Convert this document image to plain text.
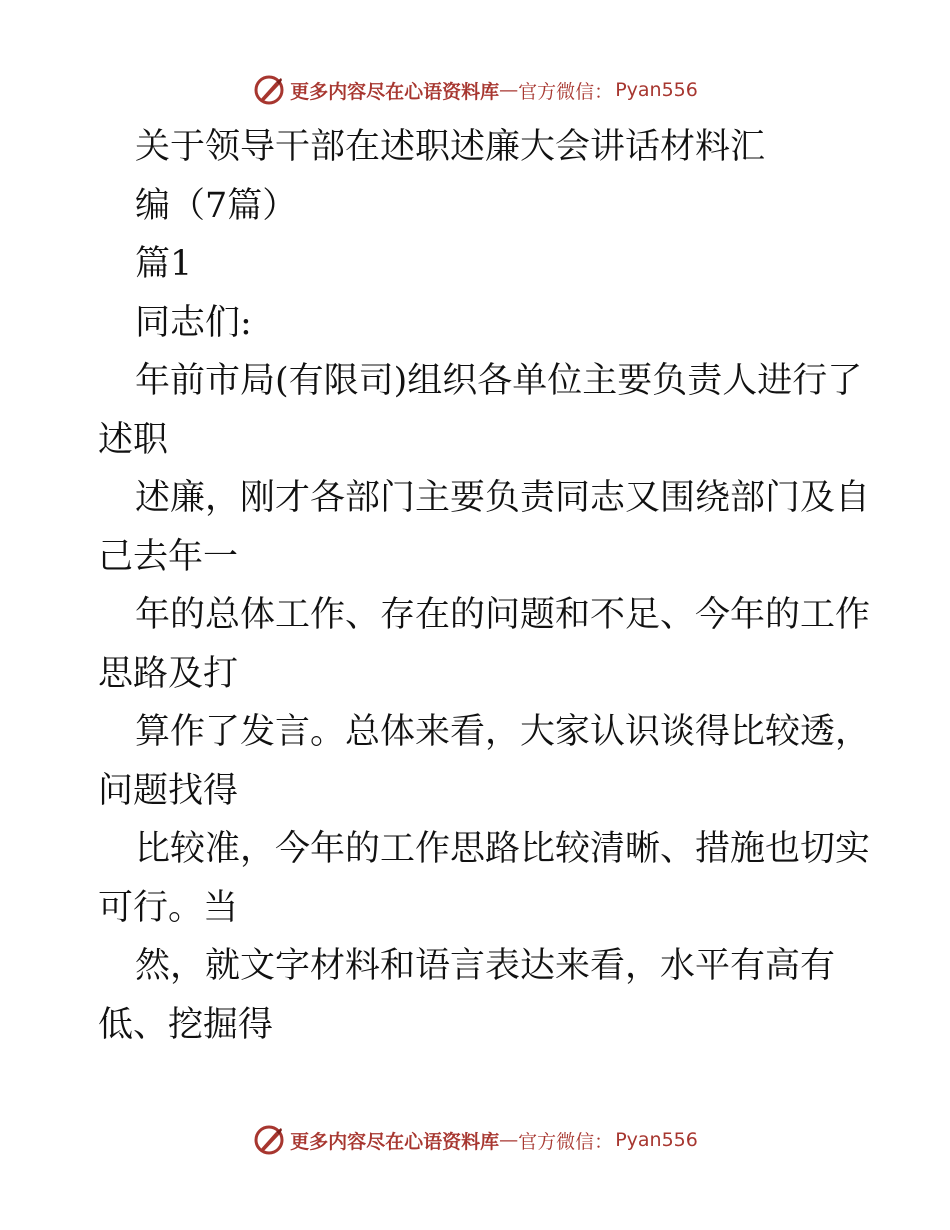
更多内容尽在心语资料库 — 官方微信： Pyan556
关于领导干部在述职述廉大会讲话材料汇
编（7篇）
篇1
同志们:
年前市局(有限司)组织各单位主要负责人进行了
述职
述廉，刚才各部门主要负责同志又围绕部门及自
己去年一
年的总体工作、存在的问题和不足、今年的工作
思路及打
算作了发言。总体来看，大家认识谈得比较透，
问题找得
比较准，今年的工作思路比较清晰、措施也切实
可行。当
然，就文字材料和语言表达来看，水平有高有
低、挖掘得
更多内容尽在心语资料库 — 官方微信： Pyan556
